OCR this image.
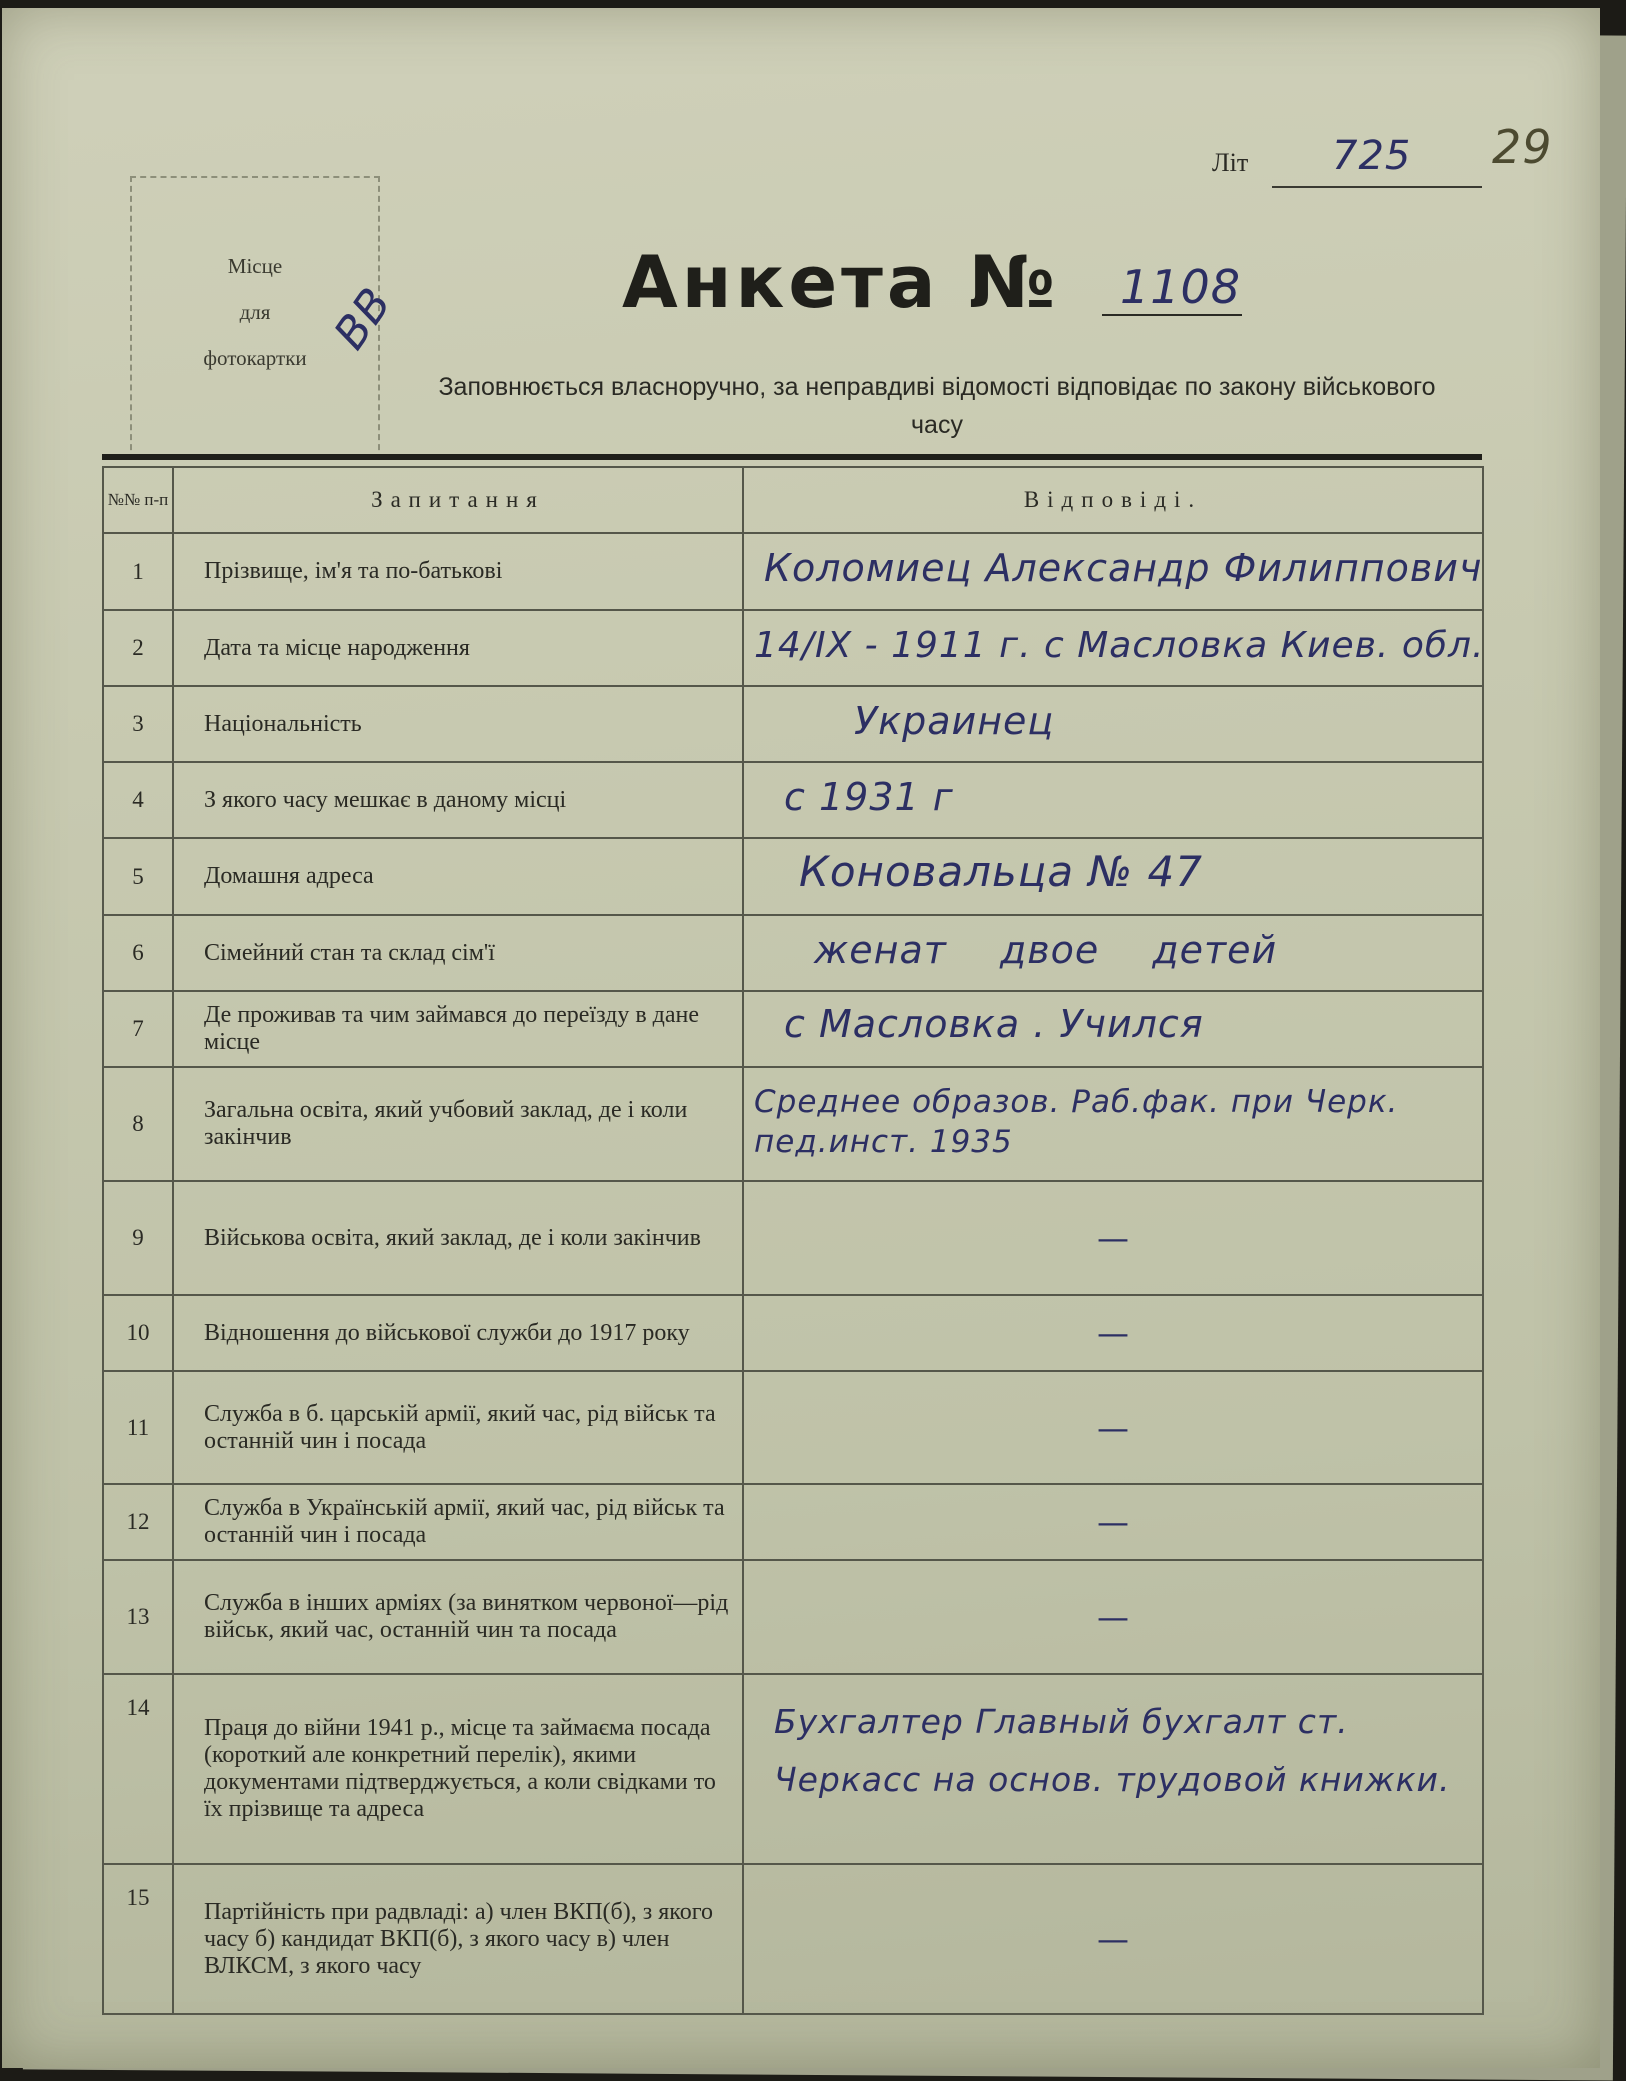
Літ 725 29
Місце
для
фотокартки ВВ	Анкета № 1108
Заповнюється власноручно, за неправдиві відомості відповідає по закону військового часу
№№ п-п	Запитання	Відповіді.
1	Прізвище, ім'я та по-батькові	Коломиец Александр Филиппович

2	Дата та місце народження	14/IX - 1911 г. с Масловка Киев. обл.

3	Національність	Украинец

4	З якого часу мешкає в даному місці	с 1931 г

5	Домашня адреса	Коновальца № 47

6	Сімейний стан та склад сім'ї	женат двое детей

7	Де проживав та чим займався до переїзду в дане місце	с Масловка . Учился

8	Загальна освіта, який учбовий заклад, де і коли закінчив	Среднее образов. Раб.фак. при Черк. пед.инст. 1935

9	Військова освіта, який заклад, де і коли закінчив	—

10	Відношення до військової служби до 1917 року	—

11	Служба в б. царській армії, який час, рід військ та останній чин і посада	—

12	Служба в Українській армії, який час, рід військ та останній чин і посада	—

13	Служба в інших арміях (за винятком червоної—рід військ, який час, останній чин та посада	—

14	Праця до війни 1941 р., місце та займаєма посада (короткий але конкретний перелік), якими документами підтверджується, а коли свідками то їх прізвище та адреса	Бухгалтер Главный бухгалт ст. Черкасс на основ. трудовой книжки.

15	Партійність при радвладі: а) член ВКП(б), з якого часу б) кандидат ВКП(б), з якого часу в) член ВЛКСМ, з якого часу	—
